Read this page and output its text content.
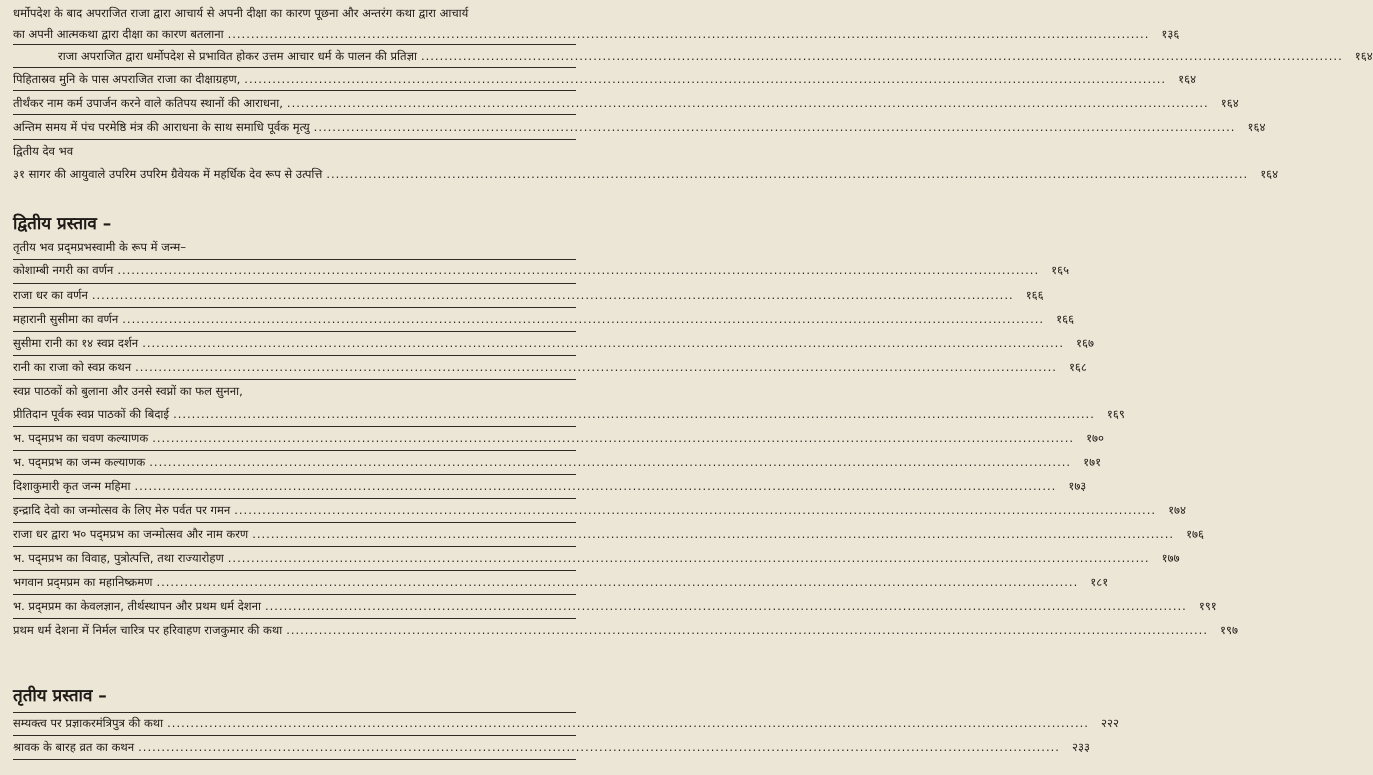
धर्मोपदेश के बाद अपराजित राजा द्वारा आचार्य से अपनी दीक्षा का कारण पूछना और अन्तरंग कथा द्वारा आचार्य
का अपनी आत्मकथा द्वारा दीक्षा का कारण बतलाना .....	१३६
राजा अपराजित द्वारा धर्मोपदेश से प्रभावित होकर उत्तम आचार धर्म के पालन की प्रतिज्ञा .....	१६४
पिहितास्रव मुनि के पास अपराजित राजा का दीक्षाग्रहण, .....	१६४
तीर्थंकर नाम कर्म उपार्जन करने वाले कतिपय स्थानों की आराधना, .....	१६४
अन्तिम समय में पंच परमेष्ठि मंत्र की आराधना के साथ समाधि पूर्वक मृत्यु .....	१६४
द्वितीय देव भव
३१ सागर की आयुवाले उपरिम उपरिम ग्रैवेयक में महर्धिक देव रूप से उत्पत्ति .....	१६४
द्वितीय प्रस्ताव –
तृतीय भव प्रद्‌मप्रभस्वामी के रूप में जन्म–
कोशाम्बी नगरी का वर्णन .....	१६५
राजा धर का वर्णन .....	१६६
महारानी सुसीमा का वर्णन .....	१६६
सुसीमा रानी का १४ स्वप्न दर्शन .....	१६७
रानी का राजा को स्वप्न कथन .....	१६८
स्वप्न पाठकों को बुलाना और उनसे स्वप्नों का फल सुनना,
प्रीतिदान पूर्वक स्वप्न पाठकों की बिदाई .....	१६९
भ. पद्‌मप्रभ का चवण कल्याणक .....	१७०
भ. पद्‌मप्रभ का जन्म कल्याणक .....	१७१
दिशाकुमारी कृत जन्म महिमा .....	१७३
इन्द्रादि देवो का जन्मोत्सव के लिए मेरु पर्वत पर गमन .....	१७४
राजा धर द्वारा भ० पद्‌मप्रभ का जन्मोत्सव और नाम करण .....	१७६
भ. पद्‌मप्रभ का विवाह, पुत्रोत्पत्ति, तथा राज्यारोहण .....	१७७
भगवान प्रद्‌मप्रम का महानिष्क्रमण .....	१८१
भ. प्रद्‌मप्रम का केवलज्ञान, तीर्थस्थापन और प्रथम धर्म देशना .....	१९१
प्रथम धर्म देशना में निर्मल चारित्र पर हरिवाहण राजकुमार की कथा .....	१९७
तृतीय प्रस्ताव –
सम्यक्त्व पर प्रज्ञाकरमंत्रिपुत्र की कथा .....	२२२
श्रावक के बारह व्रत का कथन .....	२३३
